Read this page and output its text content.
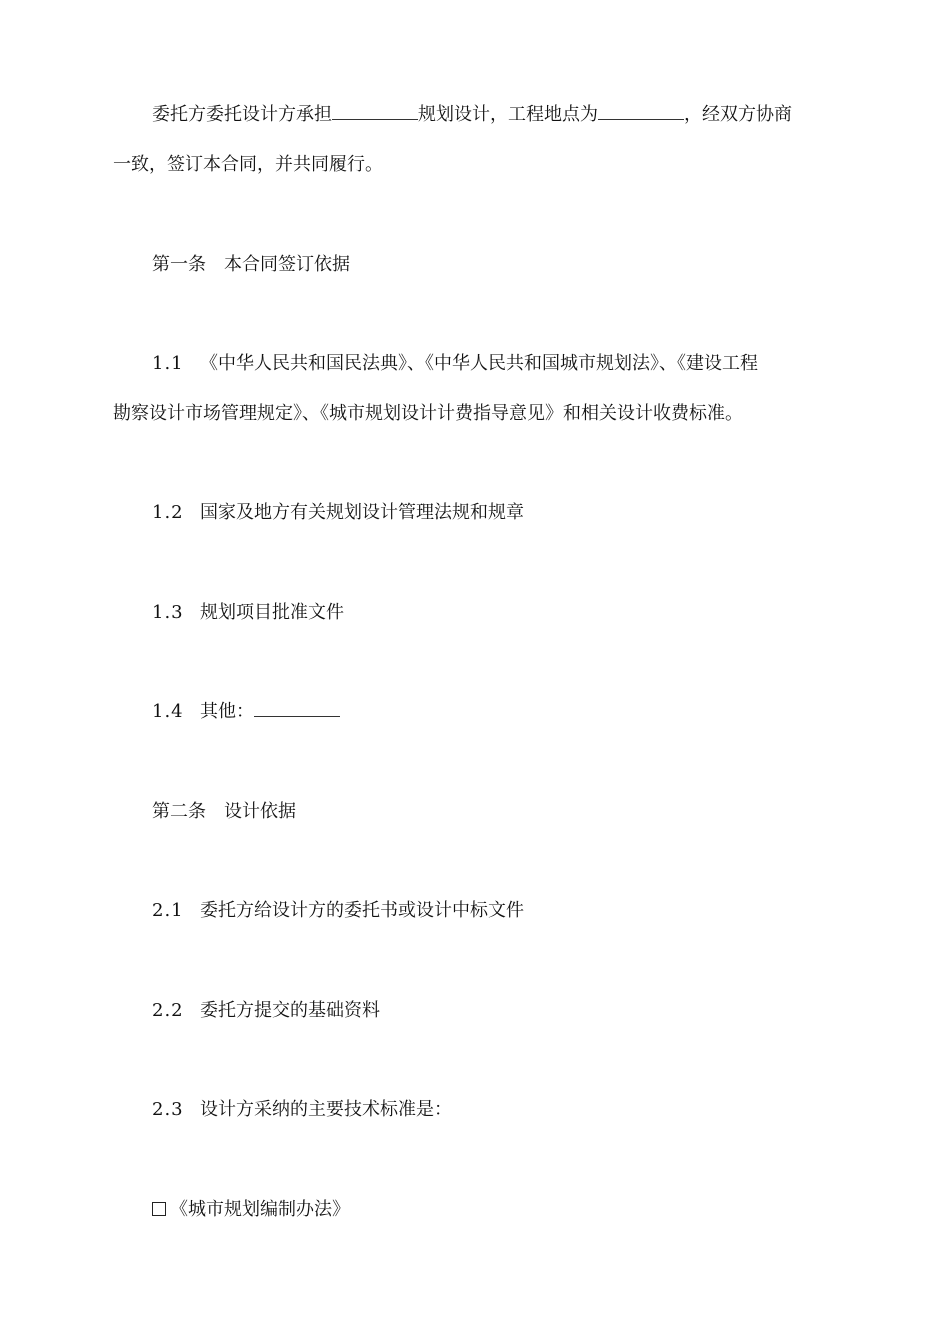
委托方委托设计方承担	规划设计，工程地点为	，经双方协商
一致，签订本合同，并共同履行。
第一条　本合同签订依据
1.1 《中华人民共和国民法典》、《中华人民共和国城市规划法》、《建设工程
勘察设计市场管理规定》、《城市规划设计计费指导意见》和相关设计收费标准。
1.2 国家及地方有关规划设计管理法规和规章
1.3 规划项目批准文件
1.4 其他：
第二条　设计依据
2.1 委托方给设计方的委托书或设计中标文件
2.2 委托方提交的基础资料
2.3 设计方采纳的主要技术标准是：
《城市规划编制办法》
